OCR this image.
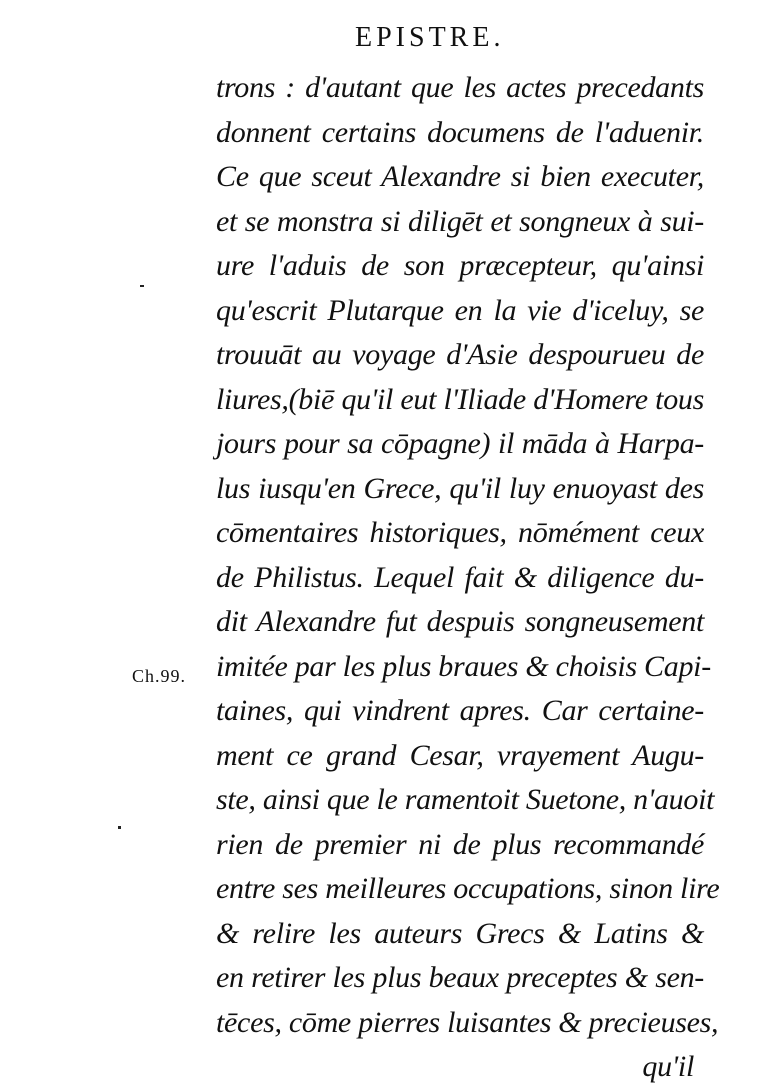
EPISTRE.
Ch.99.
trons : d'autant que les actes precedants
donnent certains documens de l'aduenir.
Ce que sceut Alexandre si bien executer,
et se monstra si diligēt et songneux à sui-
ure l'aduis de son præcepteur, qu'ainsi
qu'escrit Plutarque en la vie d'iceluy, se
trouuāt au voyage d'Asie despourueu de
liures,(biē qu'il eut l'Iliade d'Homere tous
jours pour sa cōpagne) il māda à Harpa-
lus iusqu'en Grece, qu'il luy enuoyast des
cōmentaires historiques, nōmément ceux
de Philistus. Lequel fait & diligence du-
dit Alexandre fut despuis songneusement
imitée par les plus braues & choisis Capi-
taines, qui vindrent apres. Car certaine-
ment ce grand Cesar, vrayement Augu-
ste, ainsi que le ramentoit Suetone, n'auoit
rien de premier ni de plus recommandé
entre ses meilleures occupations, sinon lire
& relire les auteurs Grecs & Latins &
en retirer les plus beaux preceptes & sen-
tēces, cōme pierres luisantes & precieuses,
qu'il
